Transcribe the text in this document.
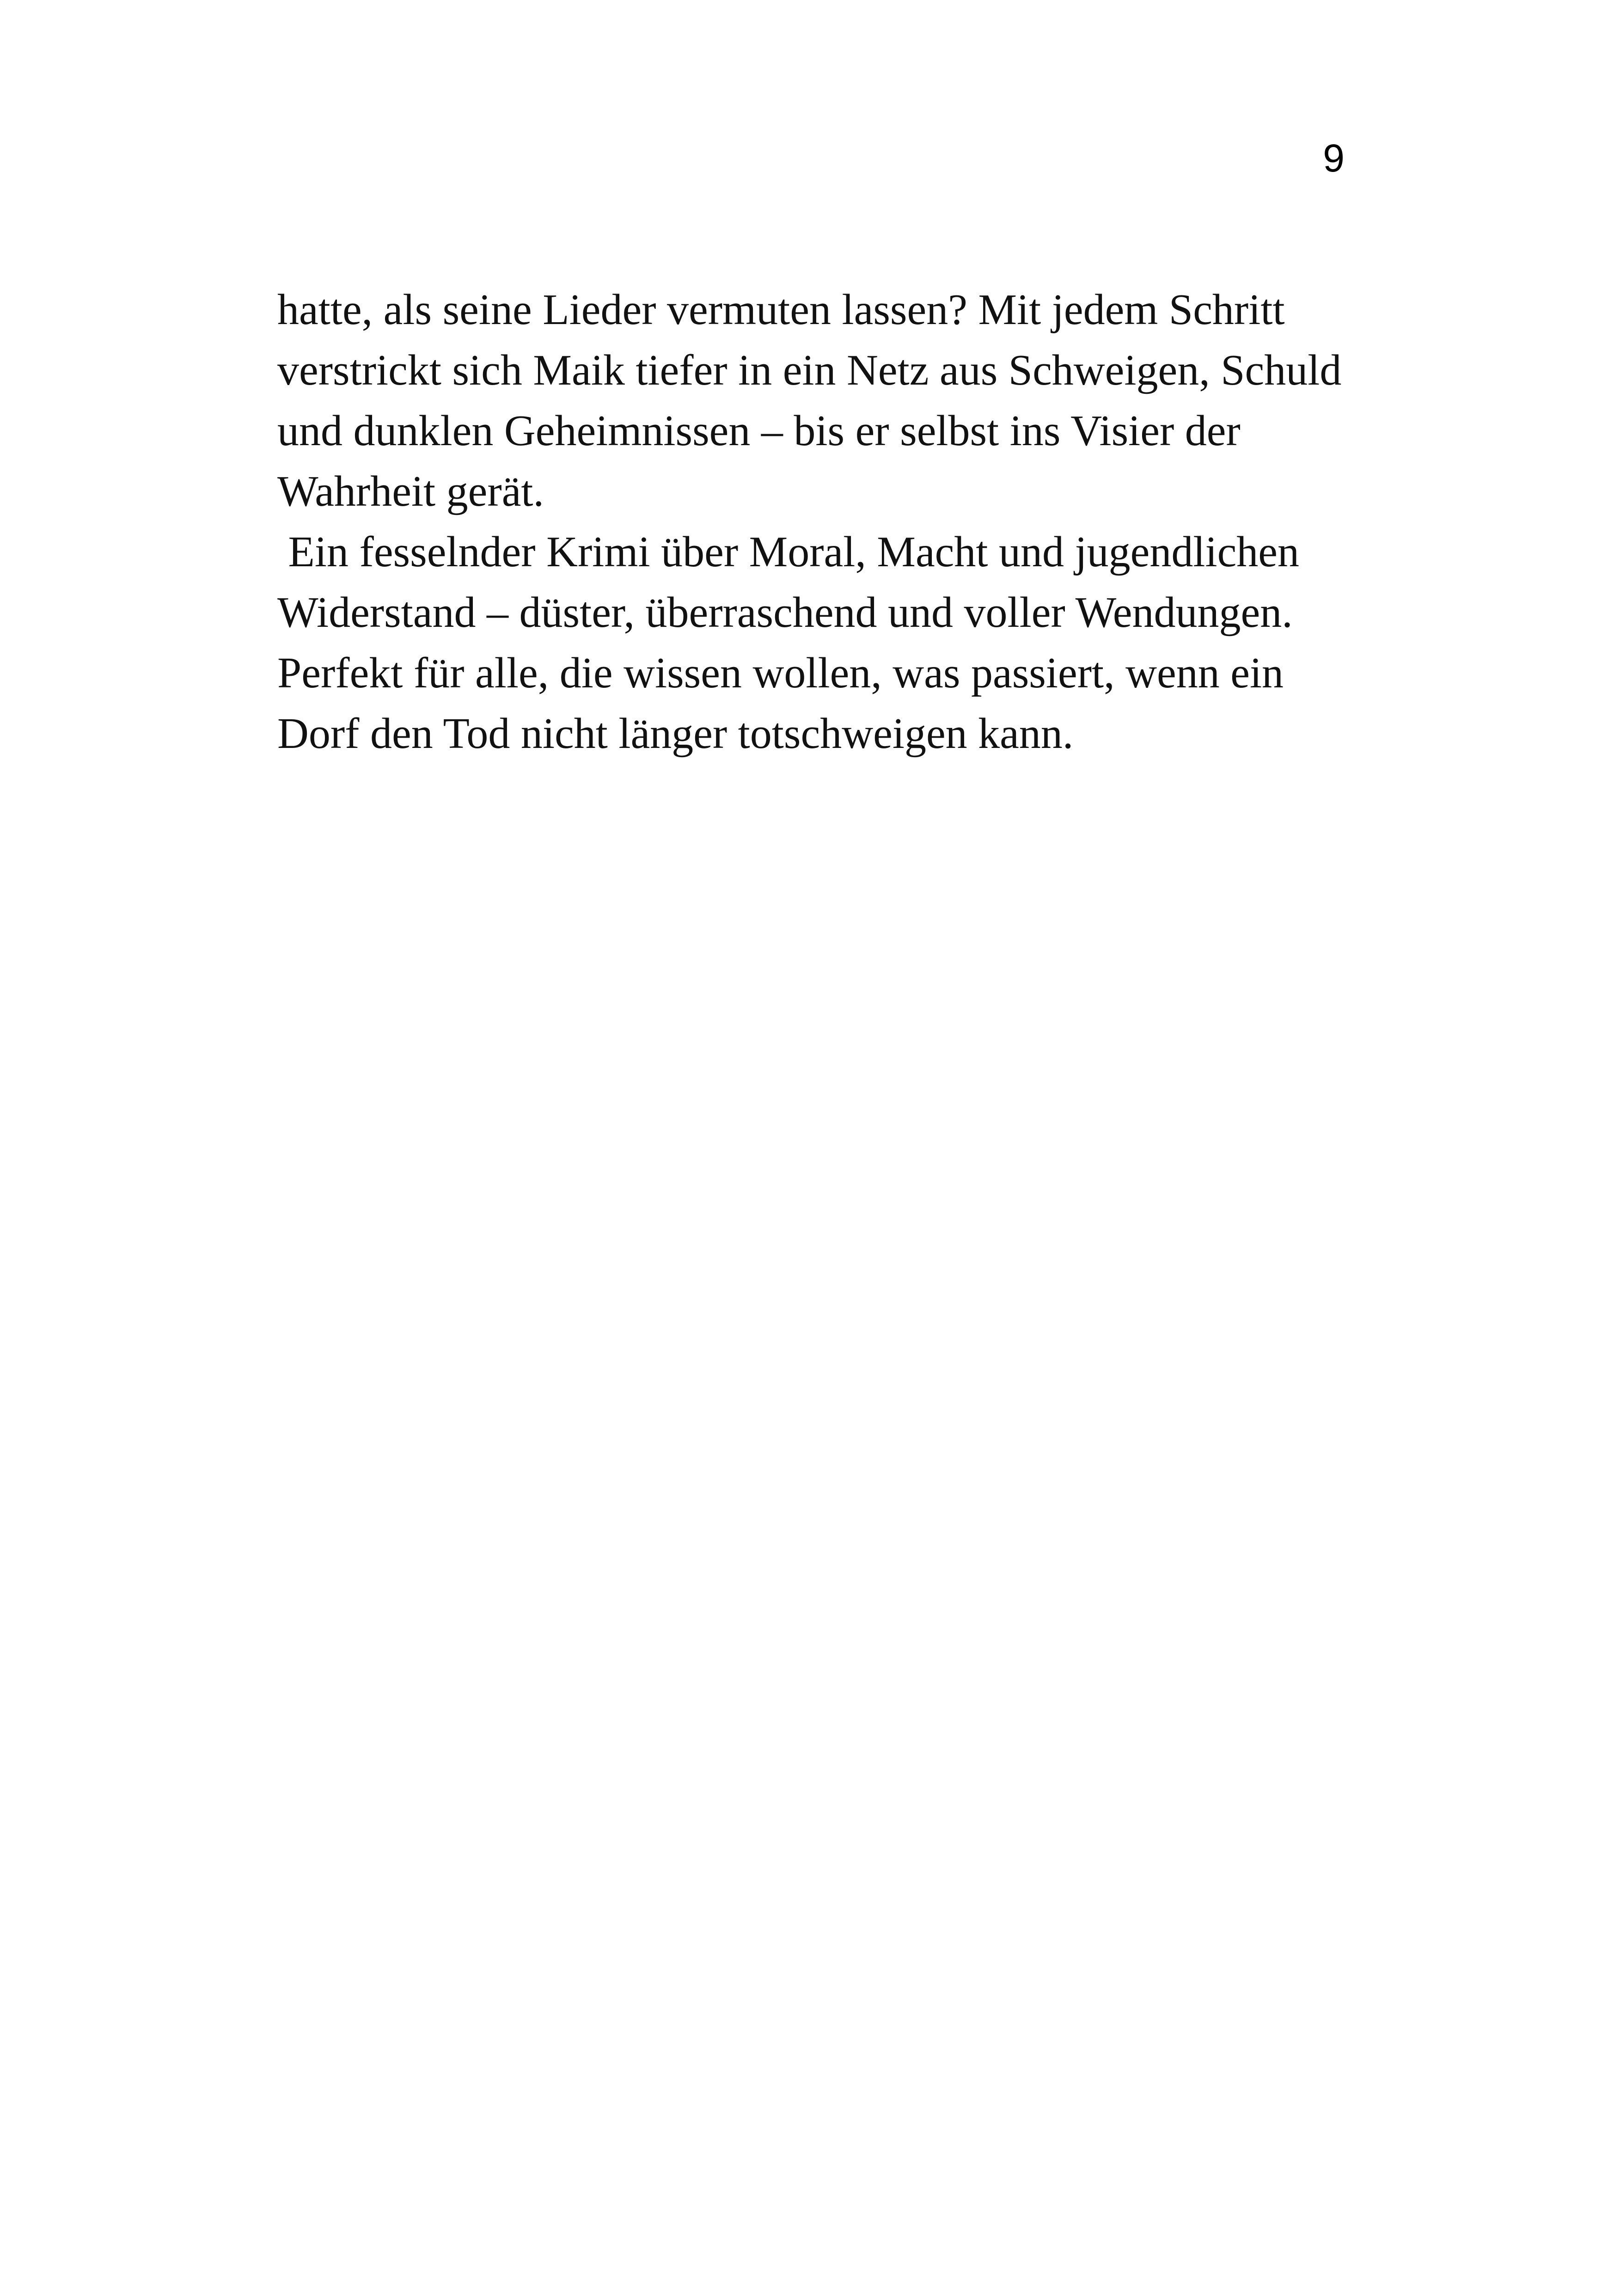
9

hatte, als seine Lieder vermuten lassen? Mit jedem Schritt
verstrickt sich Maik tiefer in ein Netz aus Schweigen, Schuld
und dunklen Geheimnissen – bis er selbst ins Visier der
Wahrheit gerät.

Ein fesselnder Krimi über Moral, Macht und jugendlichen
Widerstand – düster, überraschend und voller Wendungen.
Perfekt für alle, die wissen wollen, was passiert, wenn ein
Dorf den Tod nicht länger totschweigen kann.
